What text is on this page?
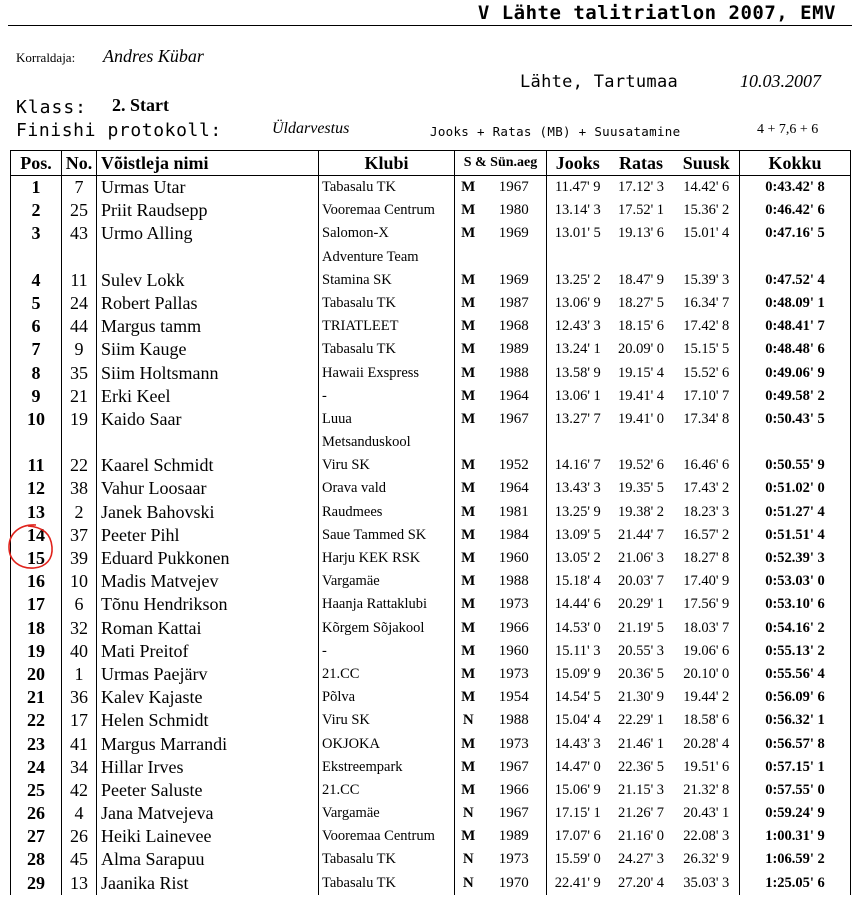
V Lähte talitriatlon 2007, EMV
Korraldaja: Andres Kübar
Lähte, Tartumaa	10.03.2007
Klass: 2. Start
Finishi protokoll:	Üldarvestus	Jooks + Ratas (MB) + Suusatamine	4 + 7,6 + 6
Pos.	No.	Võistleja nimi	Klubi	S & Sün.aeg		Jooks	Ratas	Suusk	Kokku
1	7	Urmas Utar	Tabasalu TK	M	1967	11.47' 9	17.12' 3	14.42' 6	0:43.42' 8
2	25	Priit Raudsepp	Vooremaa Centrum	M	1980	13.14' 3	17.52' 1	15.36' 2	0:46.42' 6
3	43	Urmo Alling	Salomon-X	M	1969	13.01' 5	19.13' 6	15.01' 4	0:47.16' 5
			Adventure Team						
4	11	Sulev Lokk	Stamina SK	M	1969	13.25' 2	18.47' 9	15.39' 3	0:47.52' 4
5	24	Robert Pallas	Tabasalu TK	M	1987	13.06' 9	18.27' 5	16.34' 7	0:48.09' 1
6	44	Margus tamm	TRIATLEET	M	1968	12.43' 3	18.15' 6	17.42' 8	0:48.41' 7
7	9	Siim Kauge	Tabasalu TK	M	1989	13.24' 1	20.09' 0	15.15' 5	0:48.48' 6
8	35	Siim Holtsmann	Hawaii Exspress	M	1988	13.58' 9	19.15' 4	15.52' 6	0:49.06' 9
9	21	Erki Keel	-	M	1964	13.06' 1	19.41' 4	17.10' 7	0:49.58' 2
10	19	Kaido Saar	Luua	M	1967	13.27' 7	19.41' 0	17.34' 8	0:50.43' 5
			Metsanduskool						
11	22	Kaarel Schmidt	Viru SK	M	1952	14.16' 7	19.52' 6	16.46' 6	0:50.55' 9
12	38	Vahur Loosaar	Orava vald	M	1964	13.43' 3	19.35' 5	17.43' 2	0:51.02' 0
13	2	Janek Bahovski	Raudmees	M	1981	13.25' 9	19.38' 2	18.23' 3	0:51.27' 4
14	37	Peeter Pihl	Saue Tammed SK	M	1984	13.09' 5	21.44' 7	16.57' 2	0:51.51' 4
15	39	Eduard Pukkonen	Harju KEK RSK	M	1960	13.05' 2	21.06' 3	18.27' 8	0:52.39' 3
16	10	Madis Matvejev	Vargamäe	M	1988	15.18' 4	20.03' 7	17.40' 9	0:53.03' 0
17	6	Tõnu Hendrikson	Haanja Rattaklubi	M	1973	14.44' 6	20.29' 1	17.56' 9	0:53.10' 6
18	32	Roman Kattai	Kõrgem Sõjakool	M	1966	14.53' 0	21.19' 5	18.03' 7	0:54.16' 2
19	40	Mati Preitof	-	M	1960	15.11' 3	20.55' 3	19.06' 6	0:55.13' 2
20	1	Urmas Paejärv	21.CC	M	1973	15.09' 9	20.36' 5	20.10' 0	0:55.56' 4
21	36	Kalev Kajaste	Põlva	M	1954	14.54' 5	21.30' 9	19.44' 2	0:56.09' 6
22	17	Helen Schmidt	Viru SK	N	1988	15.04' 4	22.29' 1	18.58' 6	0:56.32' 1
23	41	Margus Marrandi	OKJOKA	M	1973	14.43' 3	21.46' 1	20.28' 4	0:56.57' 8
24	34	Hillar Irves	Ekstreempark	M	1967	14.47' 0	22.36' 5	19.51' 6	0:57.15' 1
25	42	Peeter Saluste	21.CC	M	1966	15.06' 9	21.15' 3	21.32' 8	0:57.55' 0
26	4	Jana Matvejeva	Vargamäe	N	1967	17.15' 1	21.26' 7	20.43' 1	0:59.24' 9
27	26	Heiki Lainevee	Vooremaa Centrum	M	1989	17.07' 6	21.16' 0	22.08' 3	1:00.31' 9
28	45	Alma Sarapuu	Tabasalu TK	N	1973	15.59' 0	24.27' 3	26.32' 9	1:06.59' 2
29	13	Jaanika Rist	Tabasalu TK	N	1970	22.41' 9	27.20' 4	35.03' 3	1:25.05' 6
